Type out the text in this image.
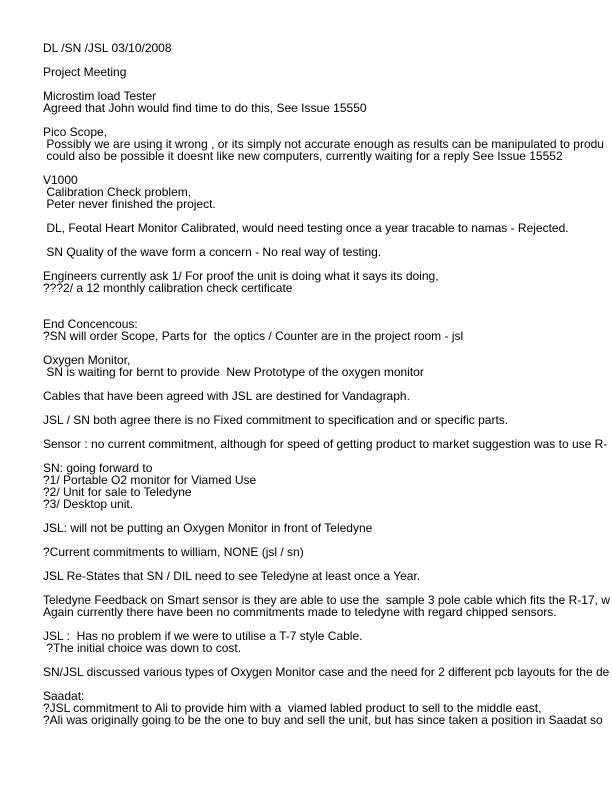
DL /SN /JSL 03/10/2008
Project Meeting
Microstim load Tester
Agreed that John would find time to do this, See Issue 15550
Pico Scope,
Possibly we are using it wrong , or its simply not accurate enough as results can be manipulated to produ
could also be possible it doesnt like new computers, currently waiting for a reply See Issue 15552
V1000
Calibration Check problem,
Peter never finished the project.
DL, Feotal Heart Monitor Calibrated, would need testing once a year tracable to namas - Rejected.
SN Quality of the wave form a concern - No real way of testing.
Engineers currently ask 1/ For proof the unit is doing what it says its doing,
???2/ a 12 monthly calibration check certificate
End Concencous:
?SN will order Scope, Parts for  the optics / Counter are in the project room - jsl
Oxygen Monitor,
SN is waiting for bernt to provide  New Prototype of the oxygen monitor
Cables that have been agreed with JSL are destined for Vandagraph.
JSL / SN both agree there is no Fixed commitment to specification and or specific parts.
Sensor : no current commitment, although for speed of getting product to market suggestion was to use R-
SN: going forward to
?1/ Portable O2 monitor for Viamed Use
?2/ Unit for sale to Teledyne
?3/ Desktop unit.
JSL: will not be putting an Oxygen Monitor in front of Teledyne
?Current commitments to william, NONE (jsl / sn)
JSL Re-States that SN / DIL need to see Teledyne at least once a Year.
Teledyne Feedback on Smart sensor is they are able to use the  sample 3 pole cable which fits the R-17, w
Again currently there have been no commitments made to teledyne with regard chipped sensors.
JSL :  Has no problem if we were to utilise a T-7 style Cable.
?The initial choice was down to cost.
SN/JSL discussed various types of Oxygen Monitor case and the need for 2 different pcb layouts for the de
Saadat:
?JSL commitment to Ali to provide him with a  viamed labled product to sell to the middle east,
?Ali was originally going to be the one to buy and sell the unit, but has since taken a position in Saadat so
